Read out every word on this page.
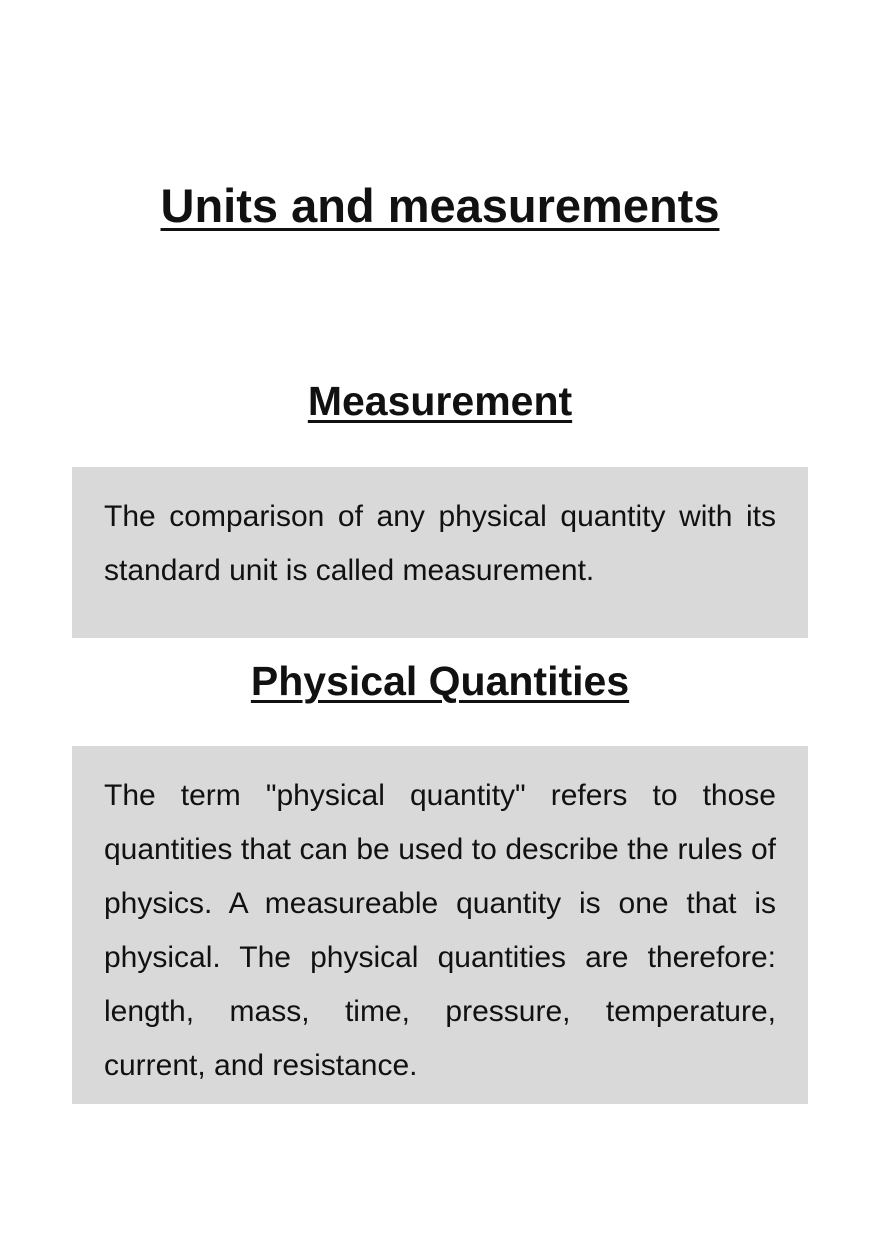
Units and measurements
Measurement

The comparison of any physical quantity with its standard unit is called measurement.

Physical Quantities

The term "physical quantity" refers to those quantities that can be used to describe the rules of physics. A measureable quantity is one that is physical. The physical quantities are therefore: length, mass, time, pressure, temperature, current, and resistance.
